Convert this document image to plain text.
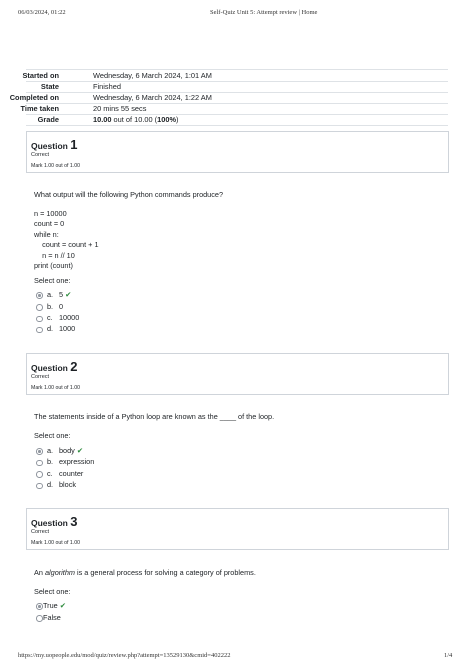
06/03/2024, 01:22	Self-Quiz Unit 5: Attempt review | Home
Started on	Wednesday, 6 March 2024, 1:01 AM
State	Finished
Completed on	Wednesday, 6 March 2024, 1:22 AM
Time taken	20 mins 55 secs
Grade	10.00 out of 10.00 (100%)
Question 1
Correct
Mark 1.00 out of 1.00
What output will the following Python commands produce?
n = 10000
count = 0
while n:
count = count + 1
n = n // 10
print (count)
Select one:
a. 5 ✔
b. 0
c. 10000
d. 1000
Question 2
Correct
Mark 1.00 out of 1.00
The statements inside of a Python loop are known as the ____ of the loop.
Select one:
a. body ✔
b. expression
c. counter
d. block
Question 3
Correct
Mark 1.00 out of 1.00
An algorithm is a general process for solving a category of problems.
Select one:
True ✔
False
https://my.uopeople.edu/mod/quiz/review.php?attempt=13529130&cmid=402222	1/4
